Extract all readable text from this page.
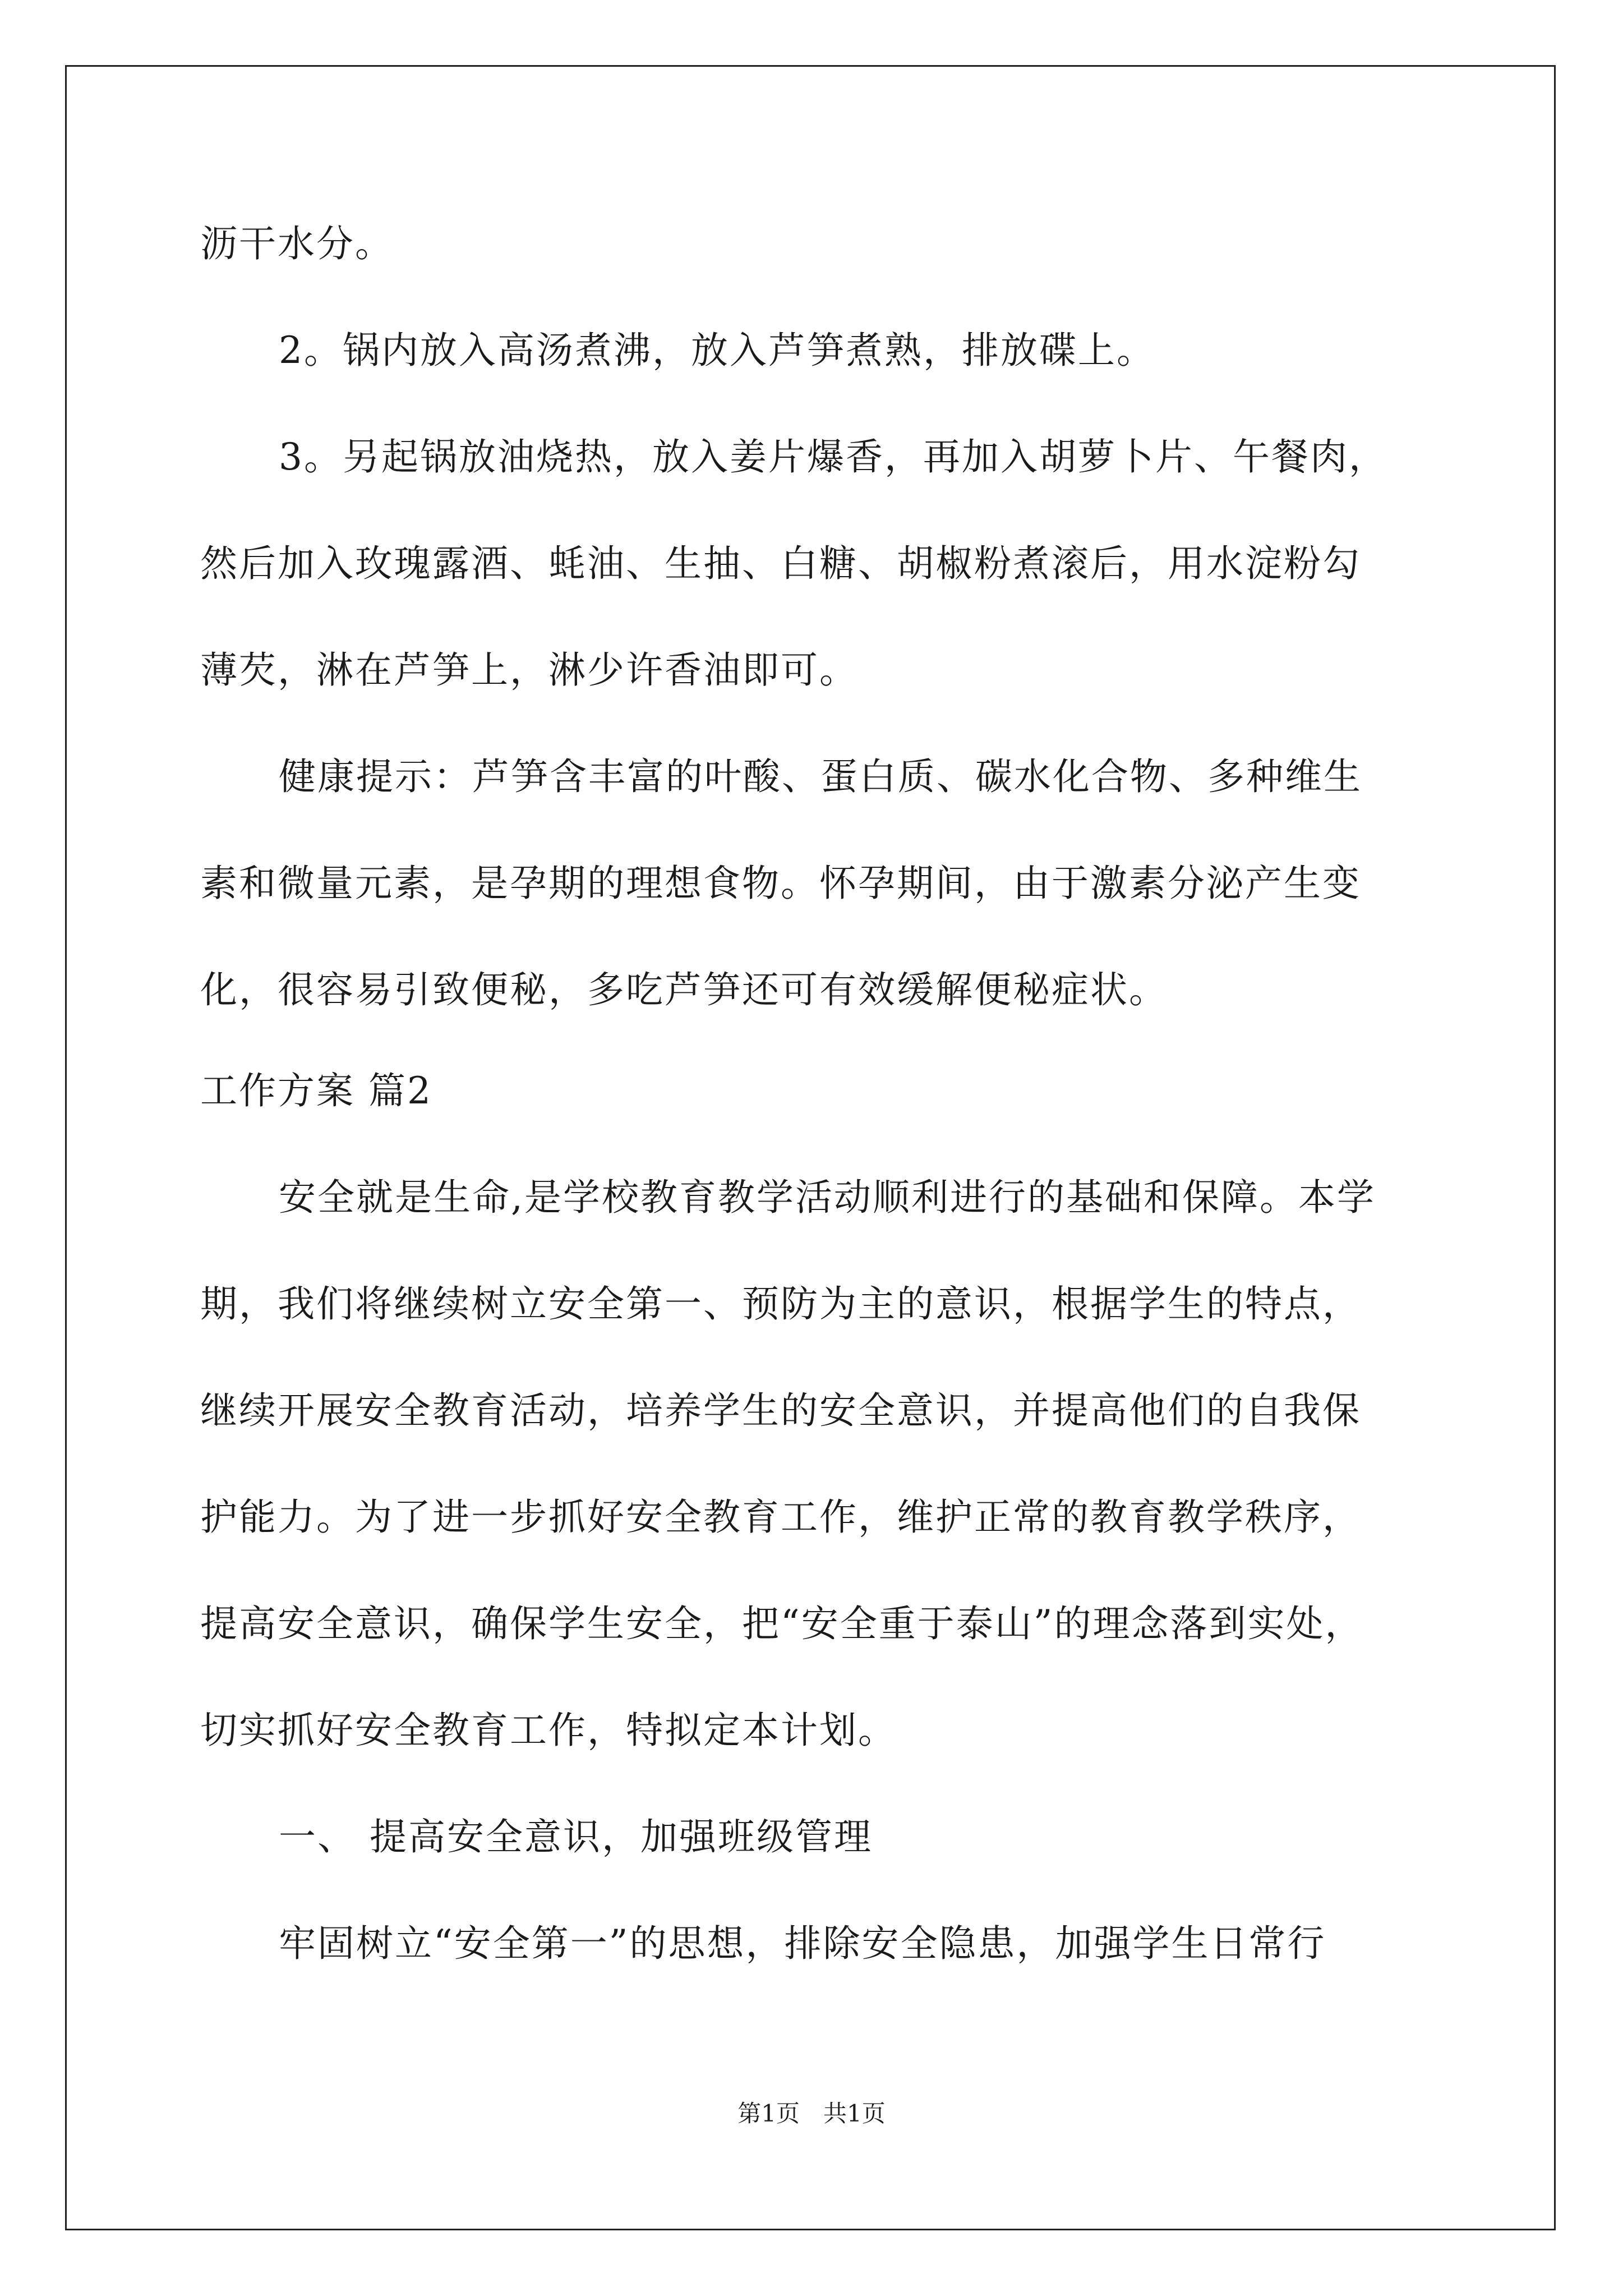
沥干水分。
2。锅内放入高汤煮沸，放入芦笋煮熟，排放碟上。
3。另起锅放油烧热，放入姜片爆香，再加入胡萝卜片、午餐肉，
然后加入玫瑰露酒、蚝油、生抽、白糖、胡椒粉煮滚后，用水淀粉勾
薄芡，淋在芦笋上，淋少许香油即可。
健康提示：芦笋含丰富的叶酸、蛋白质、碳水化合物、多种维生
素和微量元素，是孕期的理想食物。怀孕期间，由于激素分泌产生变
化，很容易引致便秘，多吃芦笋还可有效缓解便秘症状。
工作方案 篇2
安全就是生命,是学校教育教学活动顺利进行的基础和保障。本学
期，我们将继续树立安全第一、预防为主的意识，根据学生的特点，
继续开展安全教育活动，培养学生的安全意识，并提高他们的自我保
护能力。为了进一步抓好安全教育工作，维护正常的教育教学秩序，
提高安全意识，确保学生安全，把“安全重于泰山”的理念落到实处，
切实抓好安全教育工作，特拟定本计划。
一、 提高安全意识，加强班级管理
牢固树立“安全第一”的思想，排除安全隐患，加强学生日常行
第1页　共1页
